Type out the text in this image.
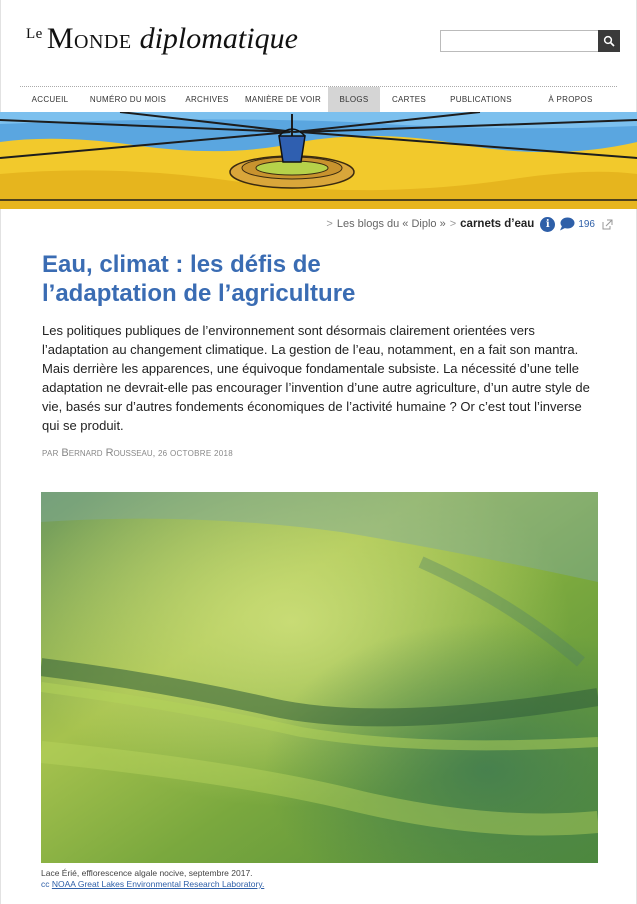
Le Monde diplomatique
ACCUEIL	NUMÉRO DU MOIS	ARCHIVES	MANIÈRE DE VOIR	BLOGS	CARTES	PUBLICATIONS	À PROPOS
> Les blogs du « Diplo » > carnets d’eau	i	196
Eau, climat : les défis de
l’adaptation de l’agriculture

Les politiques publiques de l’environnement sont désormais clairement orientées vers l’adaptation au changement climatique. La gestion de l’eau, notamment, en a fait son mantra. Mais derrière les apparences, une équivoque fondamentale subsiste. La nécessité d’une telle adaptation ne devrait-elle pas encourager l’invention d’une autre agriculture, d’un autre style de vie, basés sur d’autres fondements économiques de l’activité humaine ? Or c’est tout l’inverse qui se produit.

PAR Bernard Rousseau, 26 OCTOBRE 2018
Lace Érié, efflorescence algale nocive, septembre 2017.
cc NOAA Great Lakes Environmental Research Laboratory.
